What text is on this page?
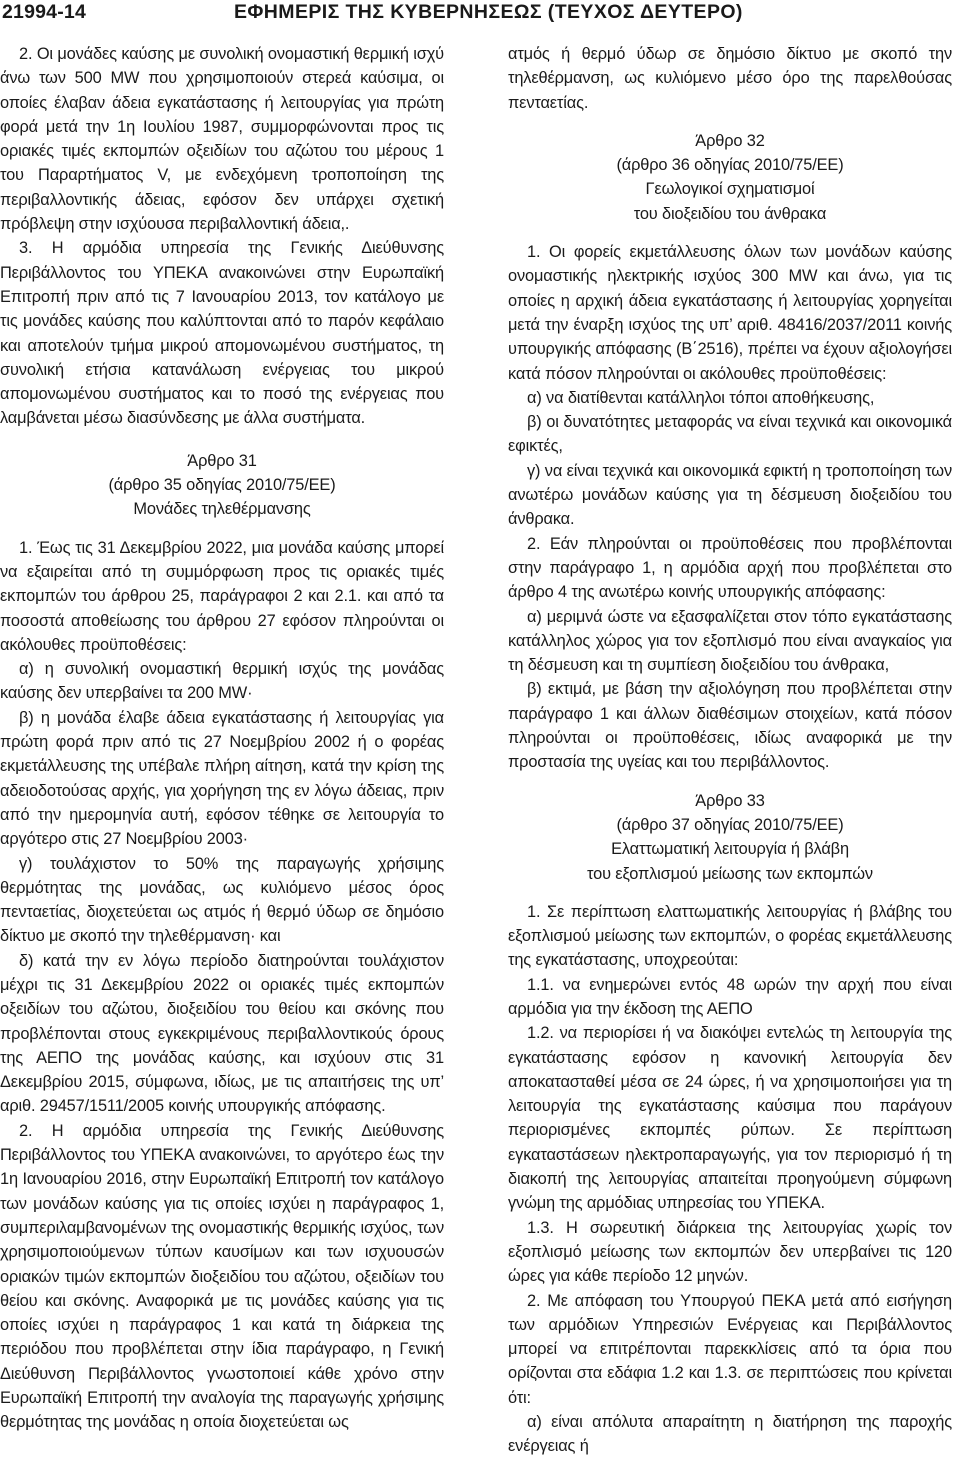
21994-14	ΕΦΗΜΕΡΙΣ ΤΗΣ ΚΥΒΕΡΝΗΣΕΩΣ (ΤΕΥΧΟΣ ΔΕΥΤΕΡΟ)

2. Οι μονάδες καύσης με συνολική ονομαστική θερμική ισχύ άνω των 500 MW που χρησιμοποιούν στερεά καύσιμα, οι οποίες έλαβαν άδεια εγκατάστασης ή λειτουργίας για πρώτη φορά μετά την 1η Ιουλίου 1987, συμμορφώνονται προς τις οριακές τιμές εκπομπών οξειδίων του αζώτου του μέρους 1 του Παραρτήματος V, με ενδεχόμενη τροποποίηση της περιβαλλοντικής άδειας, εφόσον δεν υπάρχει σχετική πρόβλεψη στην ισχύουσα περιβαλλοντική άδεια,.

3. Η αρμόδια υπηρεσία της Γενικής Διεύθυνσης Περιβάλλοντος του ΥΠΕΚΑ ανακοινώνει στην Ευρωπαϊκή Επιτροπή πριν από τις 7 Ιανουαρίου 2013, τον κατάλογο με τις μονάδες καύσης που καλύπτονται από το παρόν κεφάλαιο και αποτελούν τμήμα μικρού απομονωμένου συστήματος, τη συνολική ετήσια κατανάλωση ενέργειας του μικρού απομονωμένου συστήματος και το ποσό της ενέργειας που λαμβάνεται μέσω διασύνδεσης με άλλα συστήματα.

Άρθρο 31
(άρθρο 35 οδηγίας 2010/75/ΕΕ)
Μονάδες τηλεθέρμανσης

1. Έως τις 31 Δεκεμβρίου 2022, μια μονάδα καύσης μπορεί να εξαιρείται από τη συμμόρφωση προς τις οριακές τιμές εκπομπών του άρθρου 25, παράγραφοι 2 και 2.1. και από τα ποσοστά αποθείωσης του άρθρου 27 εφόσον πληρούνται οι ακόλουθες προϋποθέσεις:

α) η συνολική ονομαστική θερμική ισχύς της μονάδας καύσης δεν υπερβαίνει τα 200 MW·

β) η μονάδα έλαβε άδεια εγκατάστασης ή λειτουργίας για πρώτη φορά πριν από τις 27 Νοεμβρίου 2002 ή ο φορέας εκμετάλλευσης της υπέβαλε πλήρη αίτηση, κατά την κρίση της αδειοδοτούσας αρχής, για χορήγηση της εν λόγω άδειας, πριν από την ημερομηνία αυτή, εφόσον τέθηκε σε λειτουργία το αργότερο στις 27 Νοεμβρίου 2003·

γ) τουλάχιστον το 50% της παραγωγής χρήσιμης θερμότητας της μονάδας, ως κυλιόμενο μέσος όρος πενταετίας, διοχετεύεται ως ατμός ή θερμό ύδωρ σε δημόσιο δίκτυο με σκοπό την τηλεθέρμανση· και

δ) κατά την εν λόγω περίοδο διατηρούνται τουλάχιστον μέχρι τις 31 Δεκεμβρίου 2022 οι οριακές τιμές εκπομπών οξειδίων του αζώτου, διοξειδίου του θείου και σκόνης που προβλέπονται στους εγκεκριμένους περιβαλλοντικούς όρους της ΑΕΠΟ της μονάδας καύσης, και ισχύουν στις 31 Δεκεμβρίου 2015, σύμφωνα, ιδίως, με τις απαιτήσεις της υπ’ αριθ. 29457/1511/2005 κοινής υπουργικής απόφασης.

2. Η αρμόδια υπηρεσία της Γενικής Διεύθυνσης Περιβάλλοντος του ΥΠΕΚΑ ανακοινώνει, το αργότερο έως την 1η Ιανουαρίου 2016, στην Ευρωπαϊκή Επιτροπή τον κατάλογο των μονάδων καύσης για τις οποίες ισχύει η παράγραφος 1, συμπεριλαμβανομένων της ονομαστικής θερμικής ισχύος, των χρησιμοποιούμενων τύπων καυσίμων και των ισχυουσών οριακών τιμών εκπομπών διοξειδίου του αζώτου, οξειδίων του θείου και σκόνης. Αναφορικά με τις μονάδες καύσης για τις οποίες ισχύει η παράγραφος 1 και κατά τη διάρκεια της περιόδου που προβλέπεται στην ίδια παράγραφο, η Γενική Διεύθυνση Περιβάλλοντος γνωστοποιεί κάθε χρόνο στην Ευρωπαϊκή Επιτροπή την αναλογία της παραγωγής χρήσιμης θερμότητας της μονάδας η οποία διοχετεύεται ως

ατμός ή θερμό ύδωρ σε δημόσιο δίκτυο με σκοπό την τηλεθέρμανση, ως κυλιόμενο μέσο όρο της παρελθούσας πενταετίας.

Άρθρο 32
(άρθρο 36 οδηγίας 2010/75/ΕΕ)
Γεωλογικοί σχηματισμοί
του διοξειδίου του άνθρακα

1. Οι φορείς εκμετάλλευσης όλων των μονάδων καύσης ονομαστικής ηλεκτρικής ισχύος 300 MW και άνω, για τις οποίες η αρχική άδεια εγκατάστασης ή λειτουργίας χορηγείται μετά την έναρξη ισχύος της υπ’ αριθ. 48416/2037/2011 κοινής υπουργικής απόφασης (Β΄2516), πρέπει να έχουν αξιολογήσει κατά πόσον πληρούνται οι ακόλουθες προϋποθέσεις:

α) να διατίθενται κατάλληλοι τόποι αποθήκευσης,

β) οι δυνατότητες μεταφοράς να είναι τεχνικά και οικονομικά εφικτές,

γ) να είναι τεχνικά και οικονομικά εφικτή η τροποποίηση των ανωτέρω μονάδων καύσης για τη δέσμευση διοξειδίου του άνθρακα.

2. Εάν πληρούνται οι προϋποθέσεις που προβλέπονται στην παράγραφο 1, η αρμόδια αρχή που προβλέπεται στο άρθρο 4 της ανωτέρω κοινής υπουργικής απόφασης:

α) μεριμνά ώστε να εξασφαλίζεται στον τόπο εγκατάστασης κατάλληλος χώρος για τον εξοπλισμό που είναι αναγκαίος για τη δέσμευση και τη συμπίεση διοξειδίου του άνθρακα,

β) εκτιμά, με βάση την αξιολόγηση που προβλέπεται στην παράγραφο 1 και άλλων διαθέσιμων στοιχείων, κατά πόσον πληρούνται οι προϋποθέσεις, ιδίως αναφορικά με την προστασία της υγείας και του περιβάλλοντος.

Άρθρο 33
(άρθρο 37 οδηγίας 2010/75/ΕΕ)
Ελαττωματική λειτουργία ή βλάβη
του εξοπλισμού μείωσης των εκπομπών

1. Σε περίπτωση ελαττωματικής λειτουργίας ή βλάβης του εξοπλισμού μείωσης των εκπομπών, ο φορέας εκμετάλλευσης της εγκατάστασης, υποχρεούται:

1.1. να ενημερώνει εντός 48 ωρών την αρχή που είναι αρμόδια για την έκδοση της ΑΕΠΟ

1.2. να περιορίσει ή να διακόψει εντελώς τη λειτουργία της εγκατάστασης εφόσον η κανονική λειτουργία δεν αποκατασταθεί μέσα σε 24 ώρες, ή να χρησιμοποιήσει για τη λειτουργία της εγκατάστασης καύσιμα που παράγουν περιορισμένες εκπομπές ρύπων. Σε περίπτωση εγκαταστάσεων ηλεκτροπαραγωγής, για τον περιορισμό ή τη διακοπή της λειτουργίας απαιτείται προηγούμενη σύμφωνη γνώμη της αρμόδιας υπηρεσίας του ΥΠΕΚΑ.

1.3. Η σωρευτική διάρκεια της λειτουργίας χωρίς τον εξοπλισμό μείωσης των εκπομπών δεν υπερβαίνει τις 120 ώρες για κάθε περίοδο 12 μηνών.

2. Με απόφαση του Υπουργού ΠΕΚΑ μετά από εισήγηση των αρμόδιων Υπηρεσιών Ενέργειας και Περιβάλλοντος μπορεί να επιτρέπονται παρεκκλίσεις από τα όρια που ορίζονται στα εδάφια 1.2 και 1.3. σε περιπτώσεις που κρίνεται ότι:

α) είναι απόλυτα απαραίτητη η διατήρηση της παροχής ενέργειας ή
